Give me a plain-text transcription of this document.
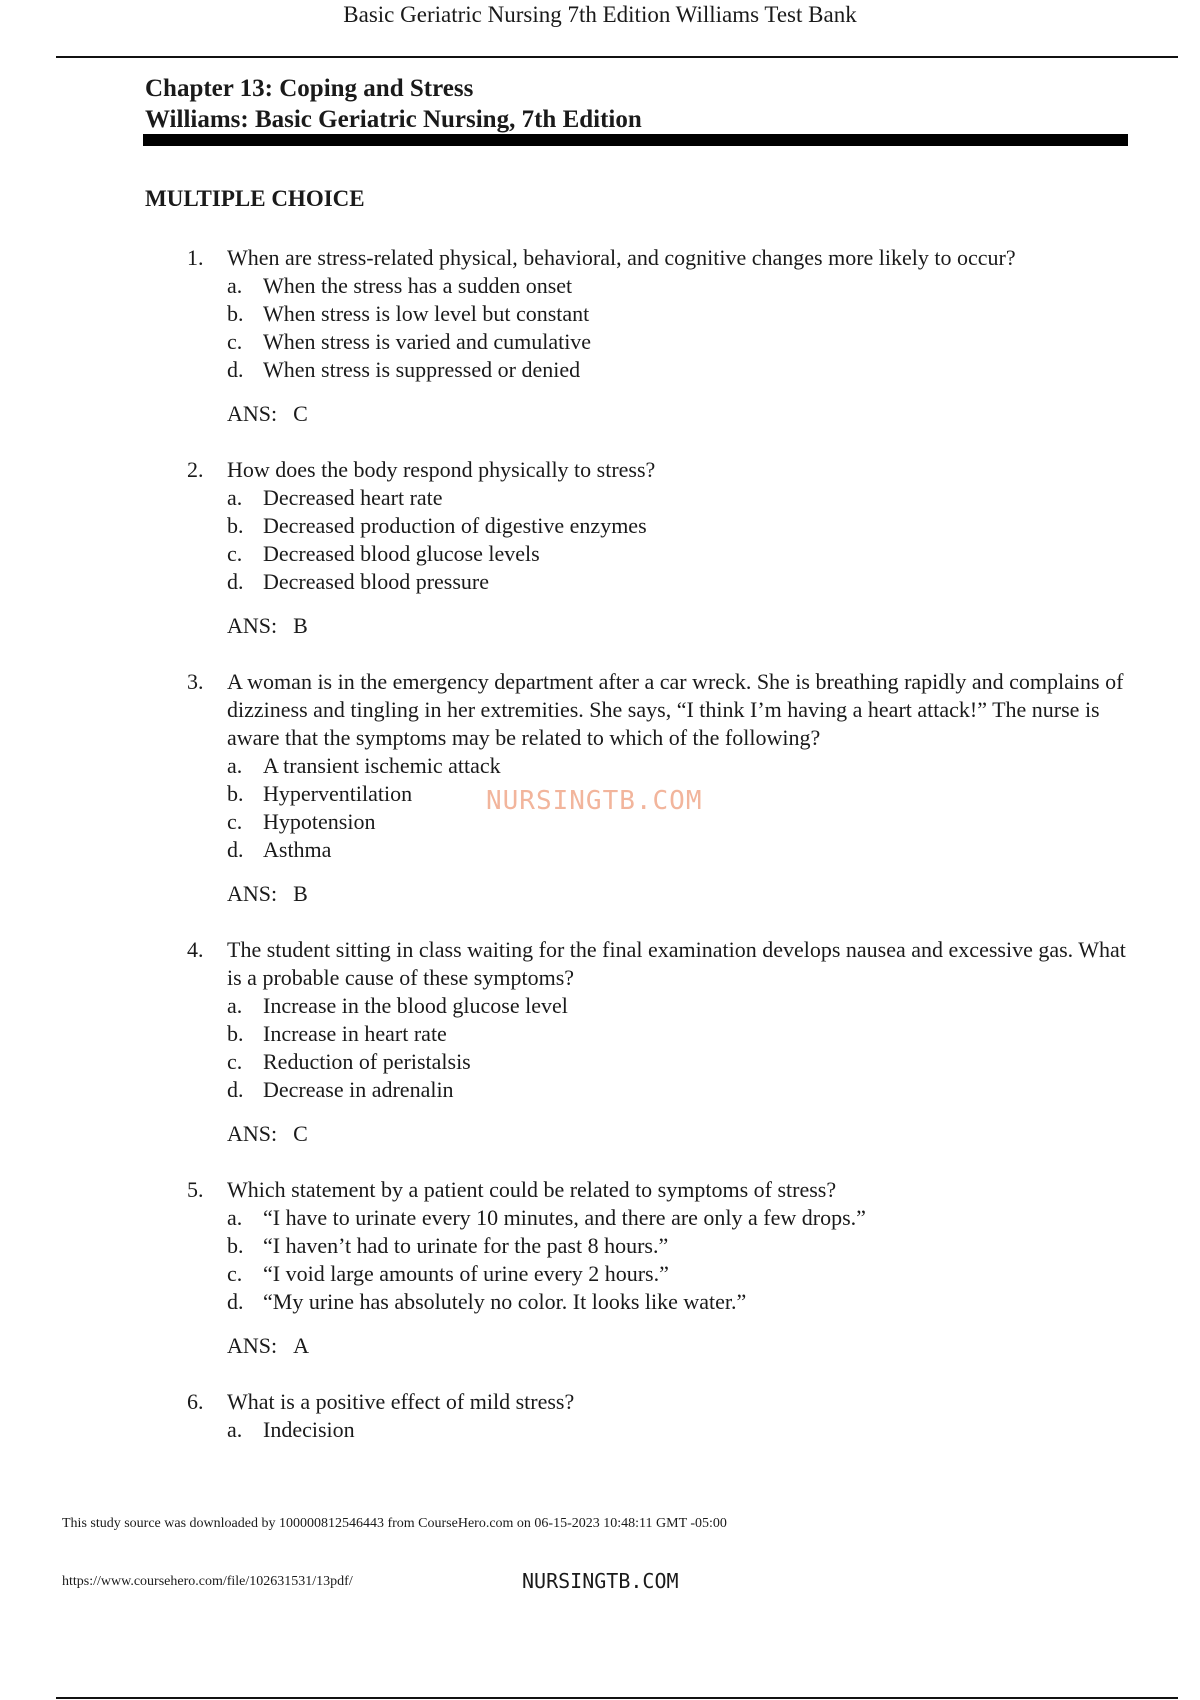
Basic Geriatric Nursing 7th Edition Williams Test Bank
Chapter 13: Coping and Stress
Williams: Basic Geriatric Nursing, 7th Edition
MULTIPLE CHOICE
1.	When are stress-related physical, behavioral, and cognitive changes more likely to occur?
a. When the stress has a sudden onset
b. When stress is low level but constant
c. When stress is varied and cumulative
d. When stress is suppressed or denied
ANS: C
2.	How does the body respond physically to stress?
a. Decreased heart rate
b. Decreased production of digestive enzymes
c. Decreased blood glucose levels
d. Decreased blood pressure
ANS: B
3.	A woman is in the emergency department after a car wreck. She is breathing rapidly and complains of dizziness and tingling in her extremities. She says, “I think I’m having a heart attack!” The nurse is aware that the symptoms may be related to which of the following?
a. A transient ischemic attack
b. Hyperventilation
c. Hypotension
d. Asthma
ANS: B
4.	The student sitting in class waiting for the final examination develops nausea and excessive gas. What is a probable cause of these symptoms?
a. Increase in the blood glucose level
b. Increase in heart rate
c. Reduction of peristalsis
d. Decrease in adrenalin
ANS: C
5.	Which statement by a patient could be related to symptoms of stress?
a. “I have to urinate every 10 minutes, and there are only a few drops.”
b. “I haven’t had to urinate for the past 8 hours.”
c. “I void large amounts of urine every 2 hours.”
d. “My urine has absolutely no color. It looks like water.”
ANS: A
6.	What is a positive effect of mild stress?
a. Indecision
NURSINGTB.COM
This study source was downloaded by 100000812546443 from CourseHero.com on 06-15-2023 10:48:11 GMT -05:00
https://www.coursehero.com/file/102631531/13pdf/	NURSINGTB.COM
